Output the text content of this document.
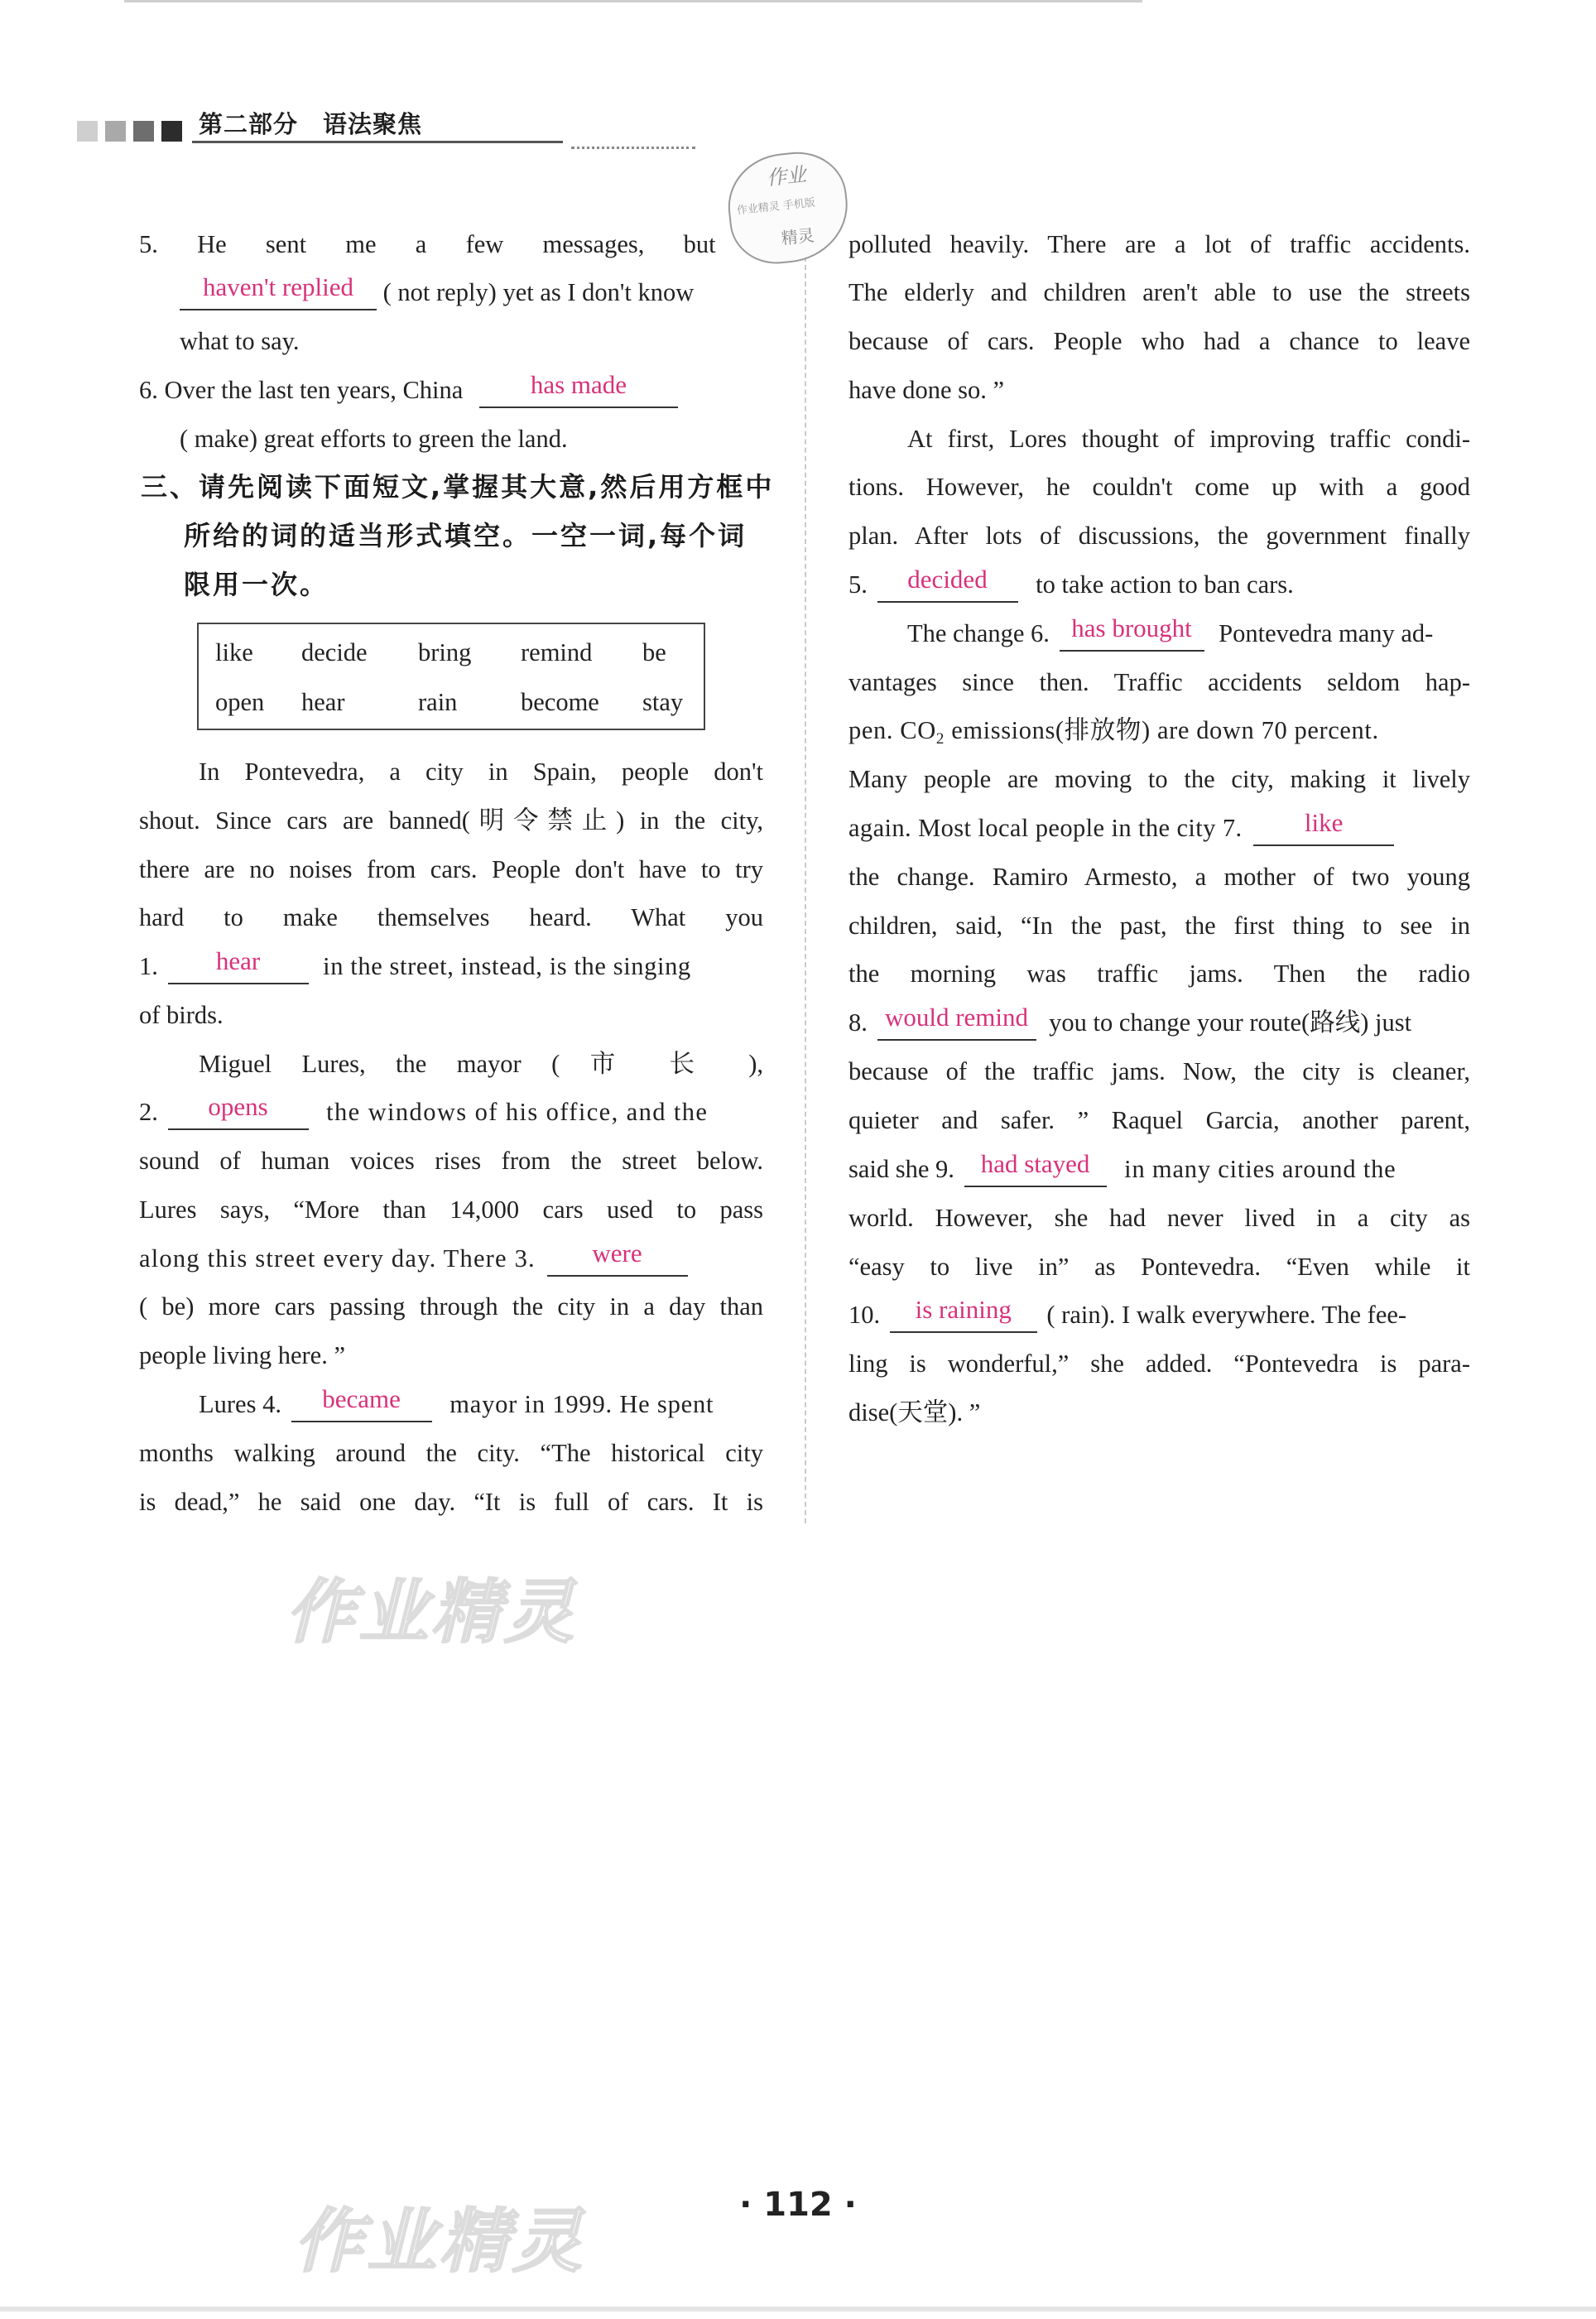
第二部分　语法聚焦
5. He sent me a few messages, but
haven't replied	( not reply) yet as I don't know
what to say.
6. Over the last ten years, China	has made
( make) great efforts to green the land.
三、请先阅读下面短文,掌握其大意,然后用方框中
所给的词的适当形式填空。一空一词,每个词
限用一次。
like decide bring remind be
open hear	rain	become stay
In Pontevedra, a city in Spain, people don't
shout. Since cars are banned(明令禁止) in the city,
there are no noises from cars. People don't have to try
hard to make themselves heard. What you
1.	hear	in the street, instead, is the singing
of birds.
Miguel Lures, the mayor ( 市 长 ),
2.	opens	the windows of his office, and the
sound of human voices rises from the street below.
Lures says, “More than 14,000 cars used to pass
along this street every day. There 3.	were
( be) more cars passing through the city in a day than
people living here. ”
Lures 4.	became	mayor in 1999. He spent
months walking around the city. “The historical city
is dead,” he said one day. “It is full of cars. It is
polluted heavily. There are a lot of traffic accidents.
The elderly and children aren't able to use the streets
because of cars. People who had a chance to leave
have done so. ”
At first, Lores thought of improving traffic condi-
tions. However, he couldn't come up with a good
plan. After lots of discussions, the government finally
5.	decided	to take action to ban cars.
The change 6. has brought	Pontevedra many ad-
vantages since then. Traffic accidents seldom hap-
pen. $CO_2$ emissions(排放物) are down 70 percent.
Many people are moving to the city, making it lively
again. Most local people in the city 7.	like
the change. Ramiro Armesto, a mother of two young
children, said, “In the past, the first thing to see in
the morning was traffic jams. Then the radio
8. would remind you to change your route(路线) just
because of the traffic jams. Now, the city is cleaner,
quieter and safer. ” Raquel Garcia, another parent,
said she 9.	had stayed	in many cities around the
world. However, she had never lived in a city as
“easy to live in” as Pontevedra. “Even while it
10.	is raining	( rain). I walk everywhere. The fee-
ling is wonderful,” she added. “Pontevedra is para-
dise(天堂). ”
作业
作业精灵 手机版
精灵
作业精灵
作业精灵	· 112 ·
